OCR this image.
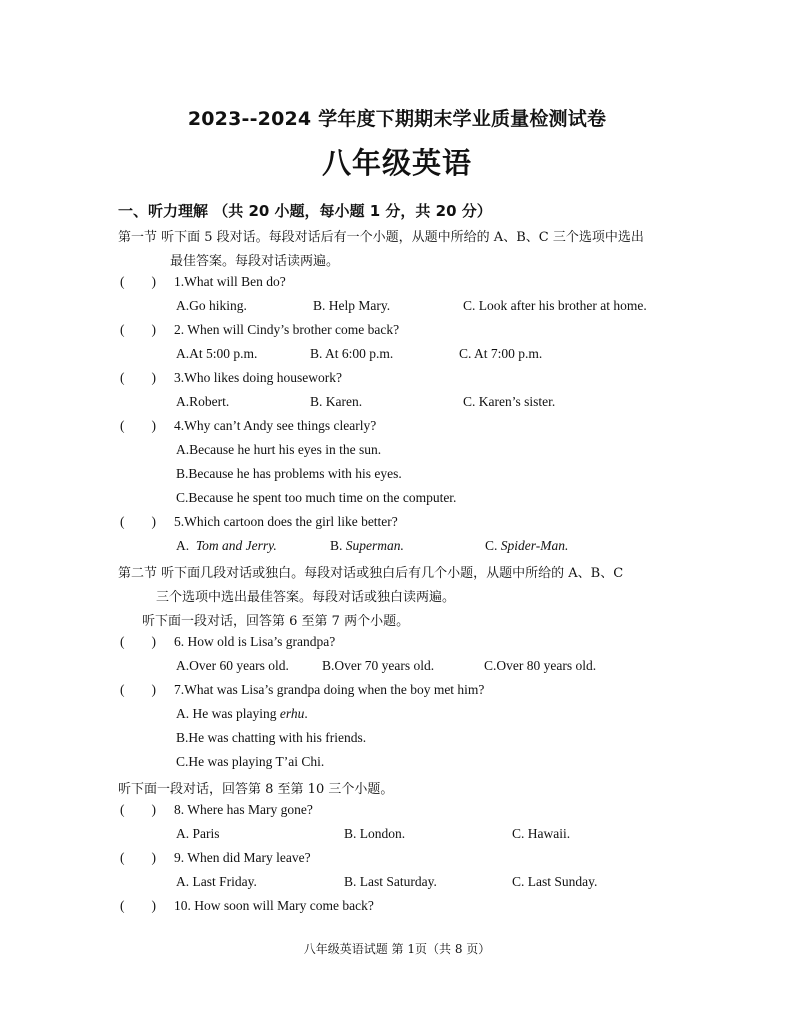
2023--2024 学年度下期期末学业质量检测试卷
八年级英语
一、听力理解 （共 20 小题，每小题 1 分，共 20 分）
第一节 听下面 5 段对话。每段对话后有一个小题，从题中所给的 A、B、C 三个选项中选出
最佳答案。每段对话读两遍。
( ) 1.What will Ben do?
A.Go hiking.	B. Help Mary.	C. Look after his brother at home.
( ) 2. When will Cindy’s brother come back?
A.At 5:00 p.m.	B. At 6:00 p.m.	C. At 7:00 p.m.
( ) 3.Who likes doing housework?
A.Robert.	B. Karen.	C. Karen’s sister.
( ) 4.Why can’t Andy see things clearly?
A.Because he hurt his eyes in the sun.
B.Because he has problems with his eyes.
C.Because he spent too much time on the computer.
( ) 5.Which cartoon does the girl like better?
A. Tom and Jerry.	B. Superman.	C. Spider-Man.
第二节 听下面几段对话或独白。每段对话或独白后有几个小题，从题中所给的 A、B、C
三个选项中选出最佳答案。每段对话或独白读两遍。
听下面一段对话，回答第 6 至第 7 两个小题。
( ) 6. How old is Lisa’s grandpa?
A.Over 60 years old. B.Over 70 years old.	C.Over 80 years old.
( ) 7.What was Lisa’s grandpa doing when the boy met him?
A. He was playing erhu.
B.He was chatting with his friends.
C.He was playing T’ai Chi.
听下面一段对话，回答第 8 至第 10 三个小题。
( ) 8. Where has Mary gone?
A. Paris	B. London.	C. Hawaii.
( ) 9. When did Mary leave?
A. Last Friday.	B. Last Saturday.	C. Last Sunday.
( ) 10. How soon will Mary come back?
八年级英语试题 第 1页（共 8 页）
